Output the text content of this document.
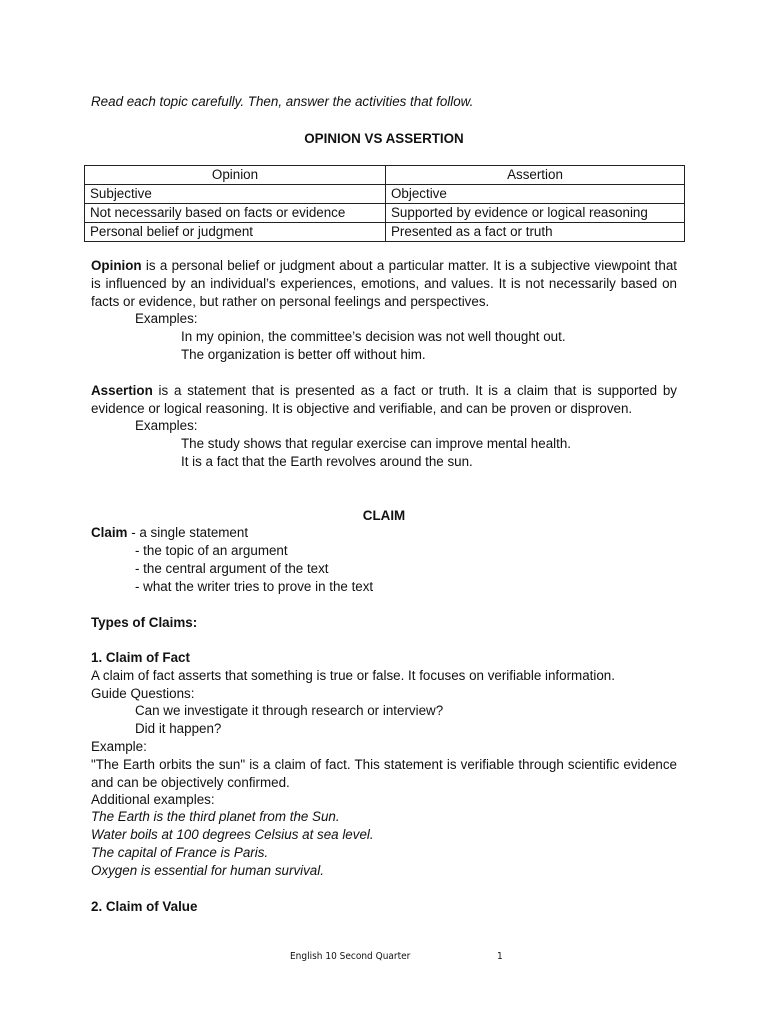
Read each topic carefully. Then, answer the activities that follow.
OPINION VS ASSERTION
Opinion	Assertion
Subjective	Objective
Not necessarily based on facts or evidence	Supported by evidence or logical reasoning
Personal belief or judgment	Presented as a fact or truth
Opinion is a personal belief or judgment about a particular matter. It is a subjective viewpoint that is influenced by an individual’s experiences, emotions, and values. It is not necessarily based on facts or evidence, but rather on personal feelings and perspectives.
Examples:
In my opinion, the committee’s decision was not well thought out.
The organization is better off without him.
Assertion is a statement that is presented as a fact or truth. It is a claim that is supported by evidence or logical reasoning. It is objective and verifiable, and can be proven or disproven.
Examples:
The study shows that regular exercise can improve mental health.
It is a fact that the Earth revolves around the sun.
CLAIM
Claim - a single statement
- the topic of an argument
- the central argument of the text
- what the writer tries to prove in the text
Types of Claims:
1. Claim of Fact
A claim of fact asserts that something is true or false. It focuses on verifiable information.
Guide Questions:
Can we investigate it through research or interview?
Did it happen?
Example:
"The Earth orbits the sun" is a claim of fact. This statement is verifiable through scientific evidence and can be objectively confirmed.
Additional examples:
The Earth is the third planet from the Sun.
Water boils at 100 degrees Celsius at sea level.
The capital of France is Paris.
Oxygen is essential for human survival.
2. Claim of Value
English 10 Second Quarter	1
